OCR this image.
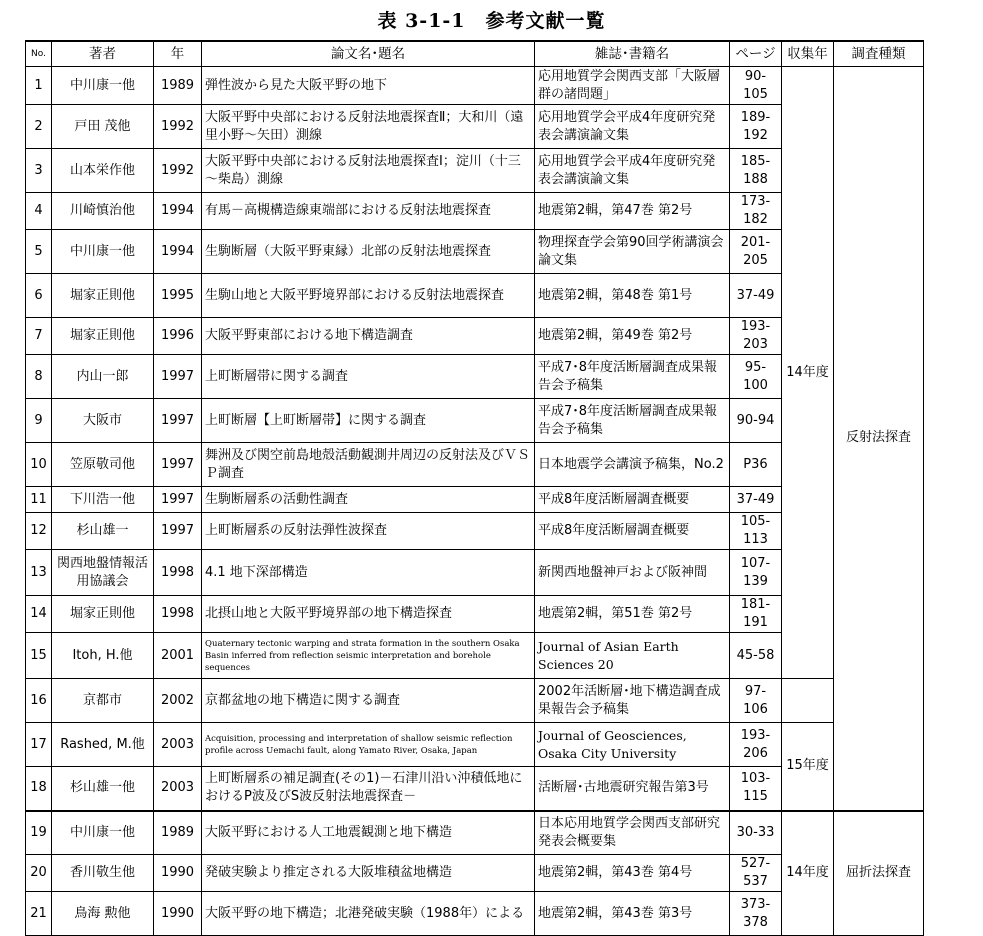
表 3-1-1　参考文献一覧
No.	著者	年	論文名･題名	雑誌･書籍名	ページ	収集年	調査種類
1	中川康一他	1989	弾性波から見た大阪平野の地下	応用地質学会関西支部「大阪層群の諸問題」	90-105	14年度	反射法探査
2	戸田 茂他	1992	大阪平野中央部における反射法地震探査Ⅱ；大和川（遠里小野～矢田）測線	応用地質学会平成4年度研究発表会講演論文集	189-192		
3	山本栄作他	1992	大阪平野中央部における反射法地震探査Ⅰ；淀川（十三～柴島）測線	応用地質学会平成4年度研究発表会講演論文集	185-188		
4	川崎慎治他	1994	有馬－高槻構造線東端部における反射法地震探査	地震第2輯，第47巻 第2号	173-182		
5	中川康一他	1994	生駒断層（大阪平野東縁）北部の反射法地震探査	物理探査学会第90回学術講演会論文集	201-205		
6	堀家正則他	1995	生駒山地と大阪平野境界部における反射法地震探査	地震第2輯，第48巻 第1号	37-49		
7	堀家正則他	1996	大阪平野東部における地下構造調査	地震第2輯，第49巻 第2号	193-203		
8	内山一郎	1997	上町断層帯に関する調査	平成7･8年度活断層調査成果報告会予稿集	95-100		
9	大阪市	1997	上町断層【上町断層帯】に関する調査	平成7･8年度活断層調査成果報告会予稿集	90-94		
10	笠原敬司他	1997	舞洲及び関空前島地殻活動観測井周辺の反射法及びＶＳＰ調査	日本地震学会講演予稿集，No.2	P36		
11	下川浩一他	1997	生駒断層系の活動性調査	平成8年度活断層調査概要	37-49		
12	杉山雄一	1997	上町断層系の反射法弾性波探査	平成8年度活断層調査概要	105-113		
13	関西地盤情報活用協議会	1998	4.1 地下深部構造	新関西地盤神戸および阪神間	107-139		
14	堀家正則他	1998	北摂山地と大阪平野境界部の地下構造探査	地震第2輯，第51巻 第2号	181-191		
15	Itoh, H.他	2001	Quaternary tectonic warping and strata formation in the southern Osaka Basin inferred from reflection seismic interpretation and borehole sequences	Journal of Asian Earth Sciences 20	45-58		
16	京都市	2002	京都盆地の地下構造に関する調査	2002年活断層･地下構造調査成果報告会予稿集	97-106		
17	Rashed, M.他	2003	Acquisition, processing and interpretation of shallow seismic reflection profile across Uemachi fault, along Yamato River, Osaka, Japan	Journal of Geosciences, Osaka City University	193-206	15年度	
18	杉山雄一他	2003	上町断層系の補足調査(その1)－石津川沿い沖積低地におけるP波及びS波反射法地震探査－	活断層･古地震研究報告第3号	103-115		
19	中川康一他	1989	大阪平野における人工地震観測と地下構造	日本応用地質学会関西支部研究発表会概要集	30-33	14年度	屈折法探査
20	香川敬生他	1990	発破実験より推定される大阪堆積盆地構造	地震第2輯，第43巻 第4号	527-537		
21	鳥海 勲他	1990	大阪平野の地下構造；北港発破実験（1988年）による	地震第2輯，第43巻 第3号	373-378		
